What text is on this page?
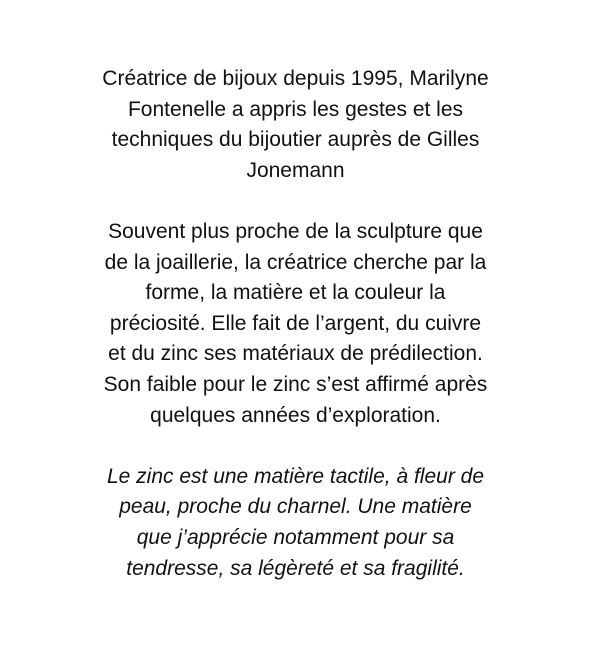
Créatrice de bijoux depuis 1995, Marilyne
Fontenelle a appris les gestes et les
techniques du bijoutier auprès de Gilles
Jonemann

Souvent plus proche de la sculpture que
de la joaillerie, la créatrice cherche par la
forme, la matière et la couleur la
préciosité. Elle fait de l’argent, du cuivre
et du zinc ses matériaux de prédilection.
Son faible pour le zinc s’est affirmé après
quelques années d’exploration.

Le zinc est une matière tactile, à fleur de
peau, proche du charnel. Une matière
que j’apprécie notamment pour sa
tendresse, sa légèreté et sa fragilité.
